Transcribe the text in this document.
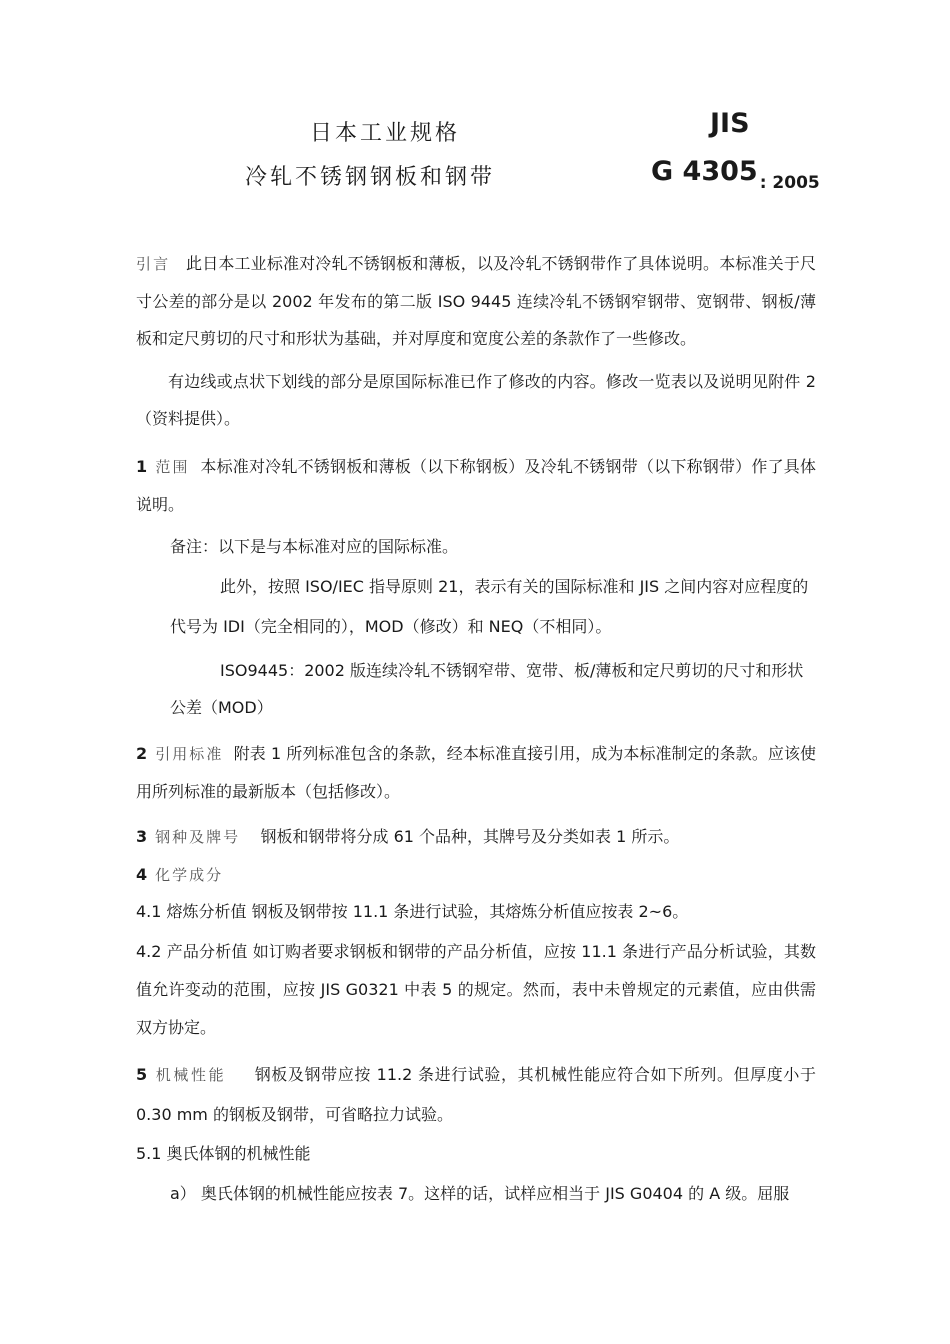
日本工业规格
冷轧不锈钢钢板和钢带
JIS
G 4305 $_{: 2005}$
引言 此日本工业标准对冷轧不锈钢板和薄板，以及冷轧不锈钢带作了具体说明。本标准关于尺寸公差的部分是以 2002 年发布的第二版 ISO 9445 连续冷轧不锈钢窄钢带、宽钢带、钢板/薄板和定尺剪切的尺寸和形状为基础，并对厚度和宽度公差的条款作了一些修改。
有边线或点状下划线的部分是原国际标准已作了修改的内容。修改一览表以及说明见附件 2（资料提供）。
1 范围 本标准对冷轧不锈钢板和薄板（以下称钢板）及冷轧不锈钢带（以下称钢带）作了具体说明。
备注：以下是与本标准对应的国际标准。
此外，按照 ISO/IEC 指导原则 21，表示有关的国际标准和 JIS 之间内容对应程度的代号为 IDI（完全相同的），MOD（修改）和 NEQ（不相同）。
ISO9445：2002 版连续冷轧不锈钢窄带、宽带、板/薄板和定尺剪切的尺寸和形状公差（MOD）
2 引用标准 附表 1 所列标准包含的条款，经本标准直接引用，成为本标准制定的条款。应该使用所列标准的最新版本（包括修改）。
3 钢种及牌号 钢板和钢带将分成 61 个品种，其牌号及分类如表 1 所示。
4 化学成分
4.1 熔炼分析值 钢板及钢带按 11.1 条进行试验，其熔炼分析值应按表 2~6。
4.2 产品分析值 如订购者要求钢板和钢带的产品分析值，应按 11.1 条进行产品分析试验，其数值允许变动的范围，应按 JIS G0321 中表 5 的规定。然而，表中未曾规定的元素值，应由供需双方协定。
5 机械性能 钢板及钢带应按 11.2 条进行试验，其机械性能应符合如下所列。但厚度小于 0.30 mm 的钢板及钢带，可省略拉力试验。
5.1 奥氏体钢的机械性能
a） 奥氏体钢的机械性能应按表 7。这样的话，试样应相当于 JIS G0404 的 A 级。屈服
